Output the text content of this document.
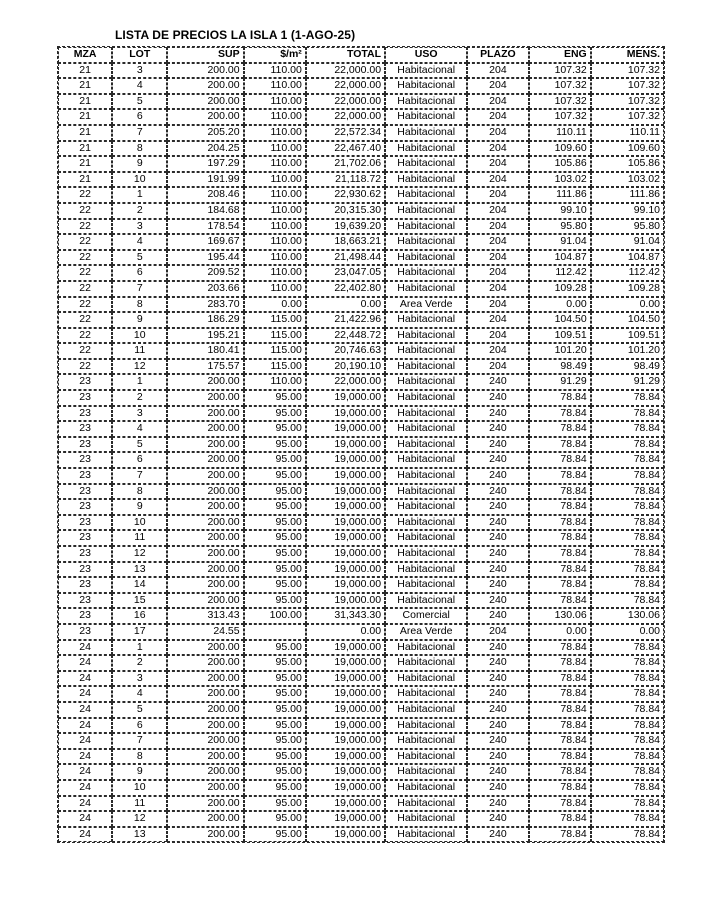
LISTA DE PRECIOS LA ISLA 1 (1-AGO-25)
MZA	LOT	SUP	$/m²	TOTAL	USO	PLAZO	ENG	MENS.
21	3	200.00	110.00	22,000.00	Habitacional	204	107.32	107.32
21	4	200.00	110.00	22,000.00	Habitacional	204	107.32	107.32
21	5	200.00	110.00	22,000.00	Habitacional	204	107.32	107.32
21	6	200.00	110.00	22,000.00	Habitacional	204	107.32	107.32
21	7	205.20	110.00	22,572.34	Habitacional	204	110.11	110.11
21	8	204.25	110.00	22,467.40	Habitacional	204	109.60	109.60
21	9	197.29	110.00	21,702.06	Habitacional	204	105.86	105.86
21	10	191.99	110.00	21,118.72	Habitacional	204	103.02	103.02
22	1	208.46	110.00	22,930.62	Habitacional	204	111.86	111.86
22	2	184.68	110.00	20,315.30	Habitacional	204	99.10	99.10
22	3	178.54	110.00	19,639.20	Habitacional	204	95.80	95.80
22	4	169.67	110.00	18,663.21	Habitacional	204	91.04	91.04
22	5	195.44	110.00	21,498.44	Habitacional	204	104.87	104.87
22	6	209.52	110.00	23,047.05	Habitacional	204	112.42	112.42
22	7	203.66	110.00	22,402.80	Habitacional	204	109.28	109.28
22	8	283.70	0.00	0.00	Area Verde	204	0.00	0.00
22	9	186.29	115.00	21,422.96	Habitacional	204	104.50	104.50
22	10	195.21	115.00	22,448.72	Habitacional	204	109.51	109.51
22	11	180.41	115.00	20,746.63	Habitacional	204	101.20	101.20
22	12	175.57	115.00	20,190.10	Habitacional	204	98.49	98.49
23	1	200.00	110.00	22,000.00	Habitacional	240	91.29	91.29
23	2	200.00	95.00	19,000.00	Habitacional	240	78.84	78.84
23	3	200.00	95.00	19,000.00	Habitacional	240	78.84	78.84
23	4	200.00	95.00	19,000.00	Habitacional	240	78.84	78.84
23	5	200.00	95.00	19,000.00	Habitacional	240	78.84	78.84
23	6	200.00	95.00	19,000.00	Habitacional	240	78.84	78.84
23	7	200.00	95.00	19,000.00	Habitacional	240	78.84	78.84
23	8	200.00	95.00	19,000.00	Habitacional	240	78.84	78.84
23	9	200.00	95.00	19,000.00	Habitacional	240	78.84	78.84
23	10	200.00	95.00	19,000.00	Habitacional	240	78.84	78.84
23	11	200.00	95.00	19,000.00	Habitacional	240	78.84	78.84
23	12	200.00	95.00	19,000.00	Habitacional	240	78.84	78.84
23	13	200.00	95.00	19,000.00	Habitacional	240	78.84	78.84
23	14	200.00	95.00	19,000.00	Habitacional	240	78.84	78.84
23	15	200.00	95.00	19,000.00	Habitacional	240	78.84	78.84
23	16	313.43	100.00	31,343.30	Comercial	240	130.06	130.06
23	17	24.55		0.00	Area Verde	204	0.00	0.00
24	1	200.00	95.00	19,000.00	Habitacional	240	78.84	78.84
24	2	200.00	95.00	19,000.00	Habitacional	240	78.84	78.84
24	3	200.00	95.00	19,000.00	Habitacional	240	78.84	78.84
24	4	200.00	95.00	19,000.00	Habitacional	240	78.84	78.84
24	5	200.00	95.00	19,000.00	Habitacional	240	78.84	78.84
24	6	200.00	95.00	19,000.00	Habitacional	240	78.84	78.84
24	7	200.00	95.00	19,000.00	Habitacional	240	78.84	78.84
24	8	200.00	95.00	19,000.00	Habitacional	240	78.84	78.84
24	9	200.00	95.00	19,000.00	Habitacional	240	78.84	78.84
24	10	200.00	95.00	19,000.00	Habitacional	240	78.84	78.84
24	11	200.00	95.00	19,000.00	Habitacional	240	78.84	78.84
24	12	200.00	95.00	19,000.00	Habitacional	240	78.84	78.84
24	13	200.00	95.00	19,000.00	Habitacional	240	78.84	78.84
